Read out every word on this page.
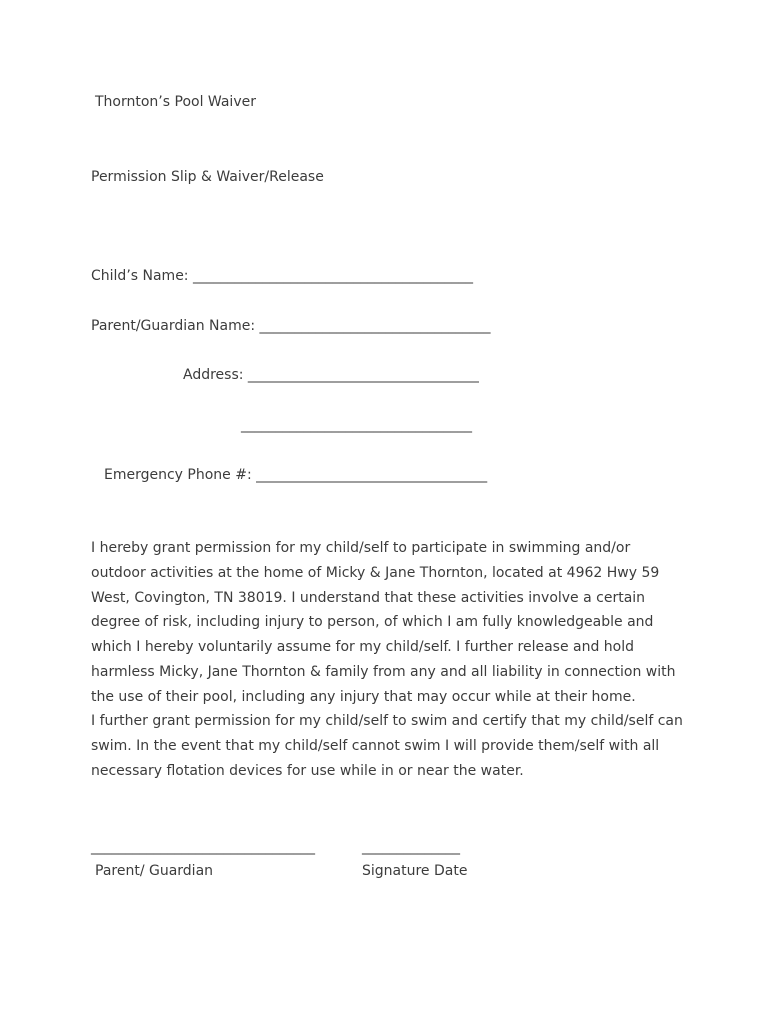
Thornton’s Pool Waiver
Permission Slip & Waiver/Release
Child’s Name: ________________________________________
Parent/Guardian Name: _________________________________
Address: _________________________________
_________________________________
Emergency Phone #: _________________________________
I hereby grant permission for my child/self to participate in swimming and/or
outdoor activities at the home of Micky & Jane Thornton, located at 4962 Hwy 59
West, Covington, TN 38019. I understand that these activities involve a certain
degree of risk, including injury to person, of which I am fully knowledgeable and
which I hereby voluntarily assume for my child/self. I further release and hold
harmless Micky, Jane Thornton & family from any and all liability in connection with
the use of their pool, including any injury that may occur while at their home.
I further grant permission for my child/self to swim and certify that my child/self can
swim. In the event that my child/self cannot swim I will provide them/self with all
necessary flotation devices for use while in or near the water.
________________________________	______________
Parent/ Guardian	Signature Date
